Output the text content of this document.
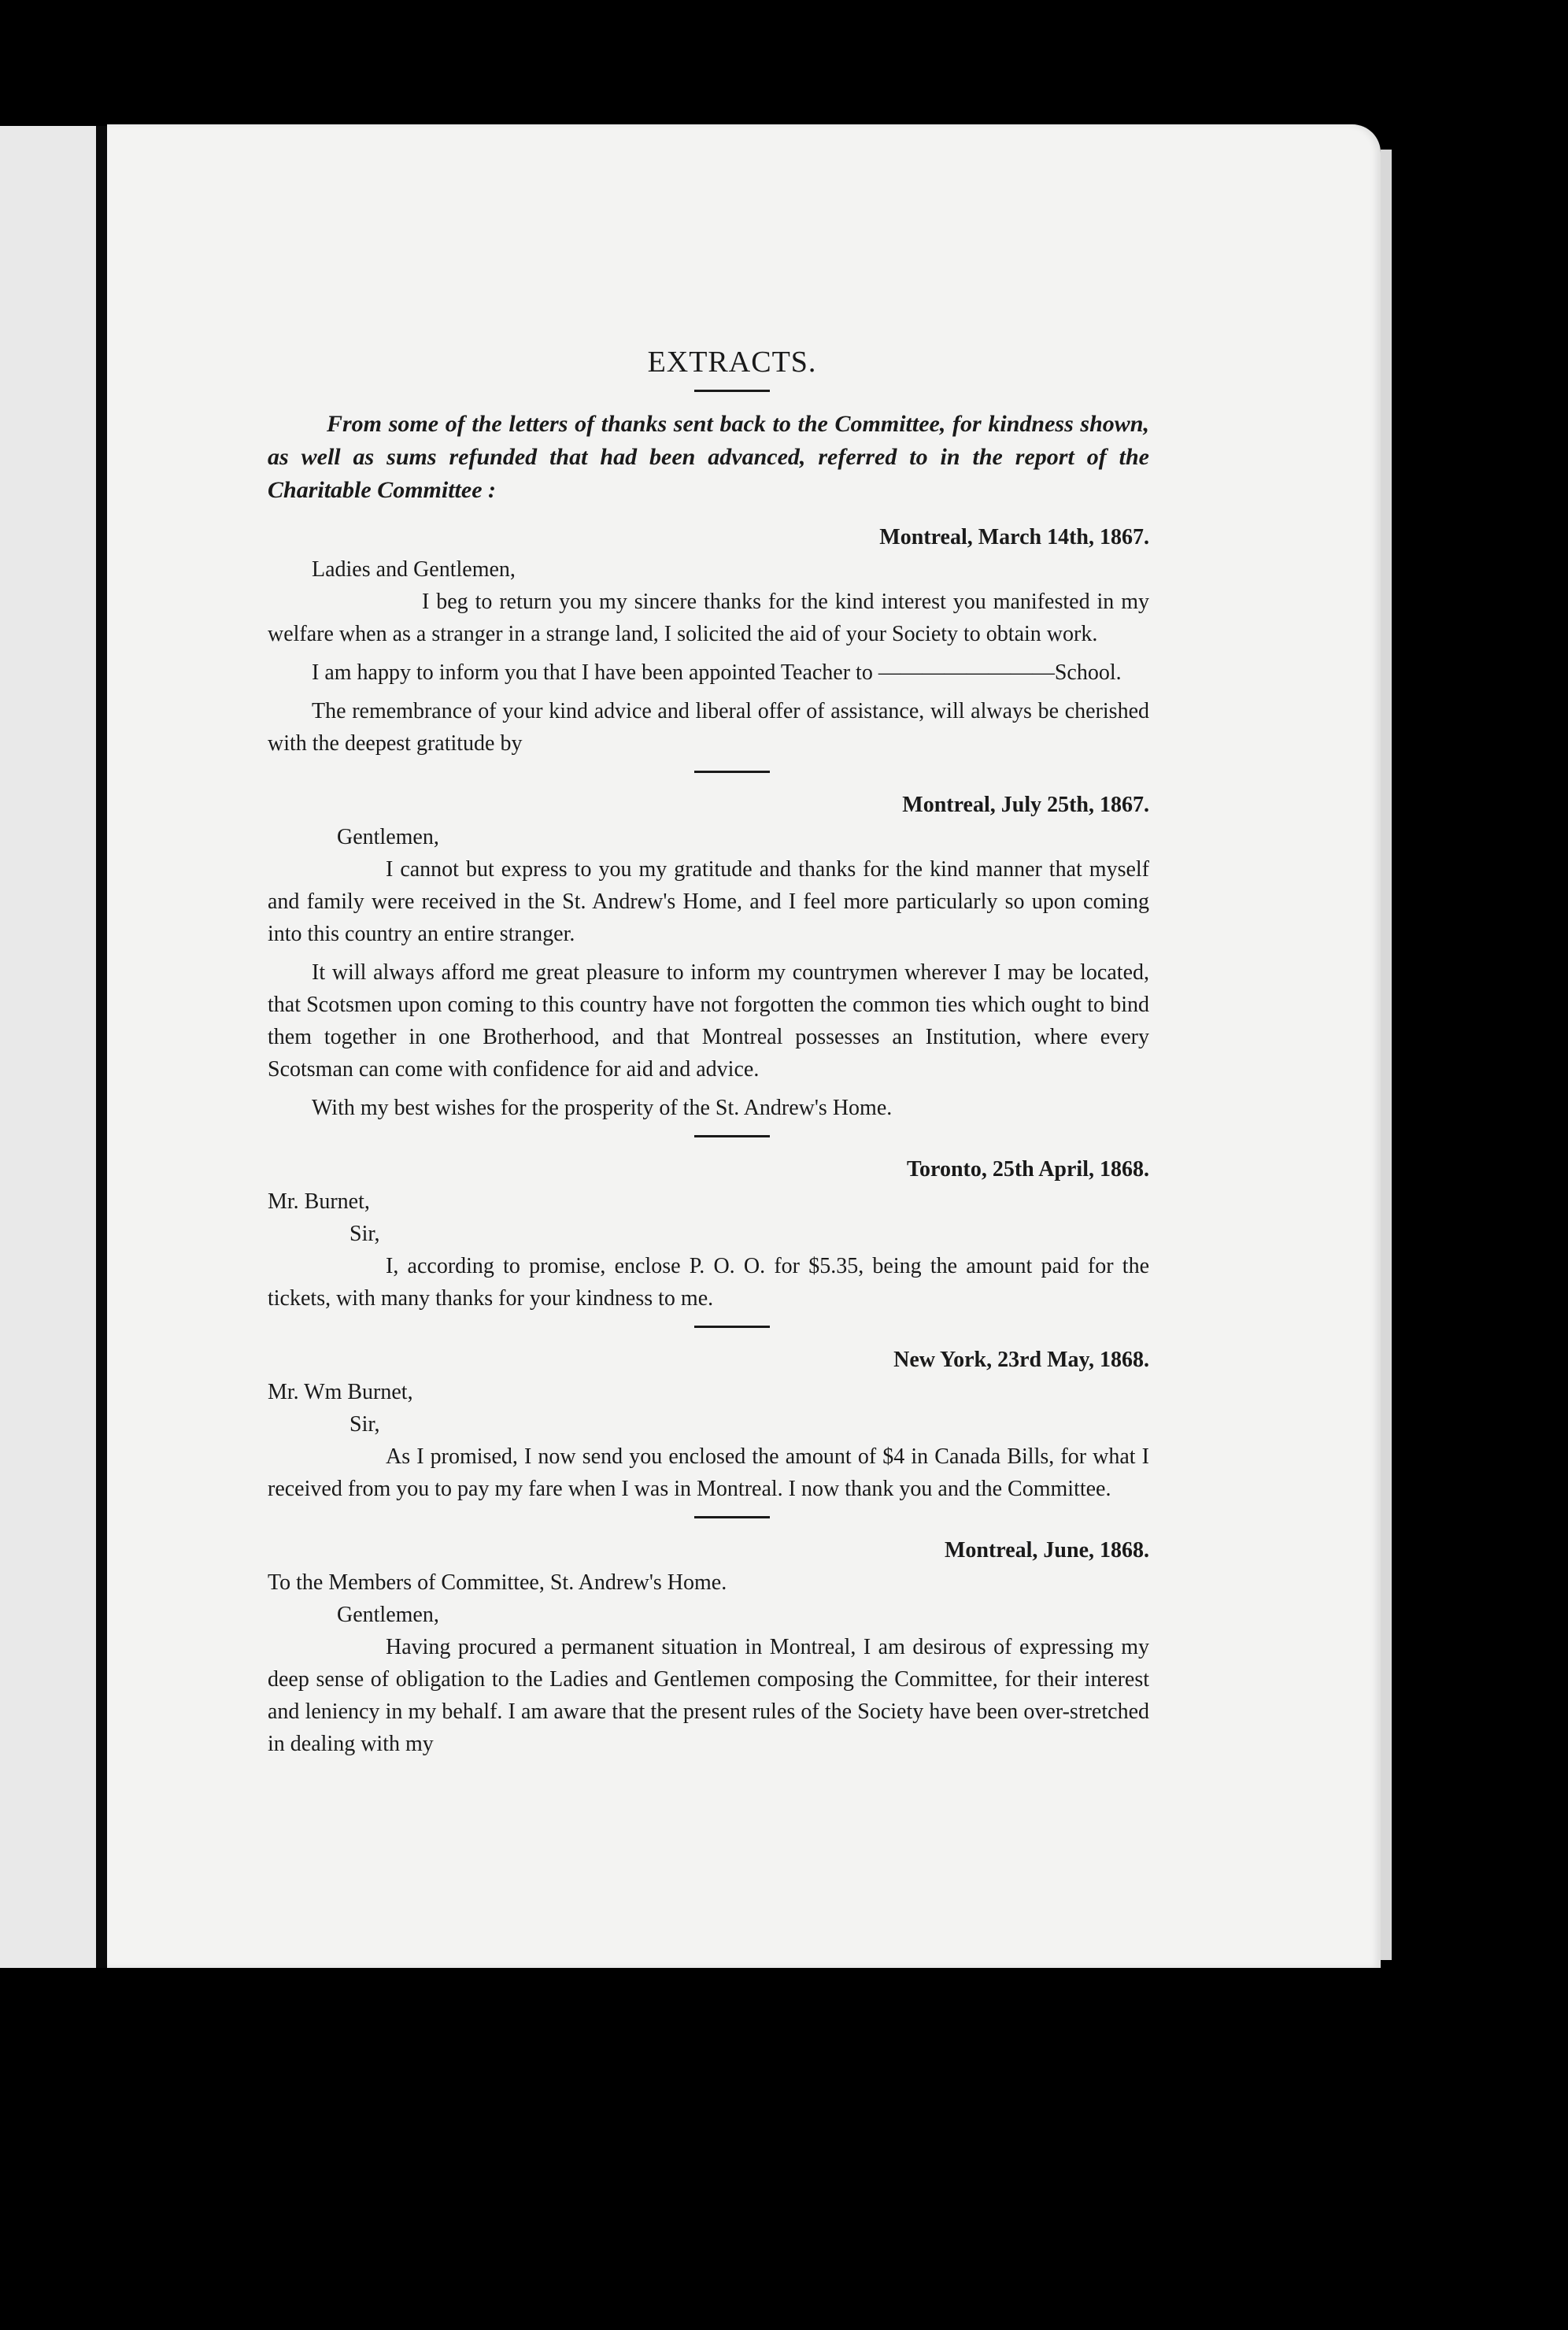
EXTRACTS.

From some of the letters of thanks sent back to the Committee, for kindness shown, as well as sums refunded that had been advanced, referred to in the report of the Charitable Committee :

Montreal, March 14th, 1867.

Ladies and Gentlemen,

I beg to return you my sincere thanks for the kind interest you manifested in my welfare when as a stranger in a strange land, I solicited the aid of your Society to obtain work.

I am happy to inform you that I have been appointed Teacher to ————————School.

The remembrance of your kind advice and liberal offer of assistance, will always be cherished with the deepest gratitude by

Montreal, July 25th, 1867.

Gentlemen,

I cannot but express to you my gratitude and thanks for the kind manner that myself and family were received in the St. Andrew's Home, and I feel more particularly so upon coming into this country an entire stranger.

It will always afford me great pleasure to inform my countrymen wherever I may be located, that Scotsmen upon coming to this country have not forgotten the common ties which ought to bind them together in one Brotherhood, and that Montreal possesses an Institution, where every Scotsman can come with confidence for aid and advice.

With my best wishes for the prosperity of the St. Andrew's Home.

Toronto, 25th April, 1868.

Mr. Burnet,

Sir,

I, according to promise, enclose P. O. O. for $5.35, being the amount paid for the tickets, with many thanks for your kindness to me.

New York, 23rd May, 1868.

Mr. Wm Burnet,

Sir,

As I promised, I now send you enclosed the amount of $4 in Canada Bills, for what I received from you to pay my fare when I was in Montreal. I now thank you and the Committee.

Montreal, June, 1868.

To the Members of Committee, St. Andrew's Home.

Gentlemen,

Having procured a permanent situation in Montreal, I am desirous of expressing my deep sense of obligation to the Ladies and Gentlemen composing the Committee, for their interest and leniency in my behalf. I am aware that the present rules of the Society have been over-stretched in dealing with my
